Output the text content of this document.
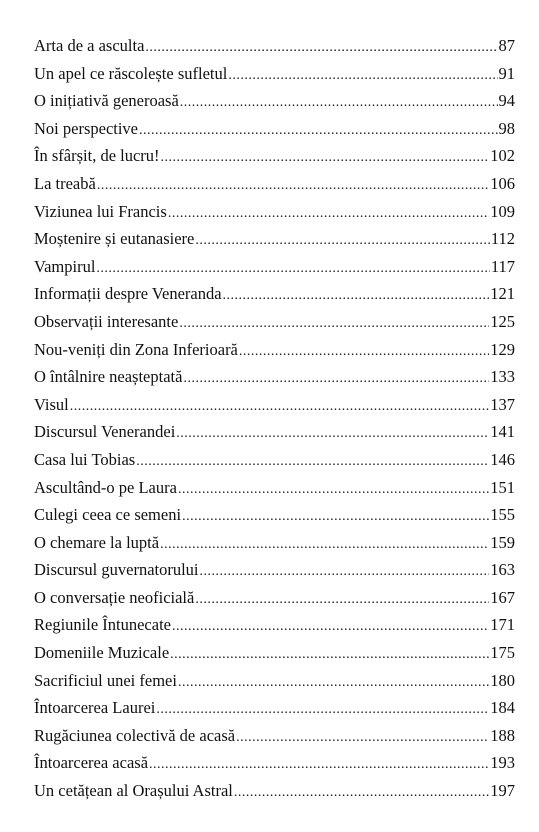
Arta de a asculta .....	87
Un apel ce răscolește sufletul .....	91
O inițiativă generoasă .....	94
Noi perspective .....	98
În sfârșit, de lucru! .....	102
La treabă .....	106
Viziunea lui Francis .....	109
Moștenire și eutanasiere .....	112
Vampirul .....	117
Informații despre Veneranda .....	121
Observații interesante .....	125
Nou-veniți din Zona Inferioară .....	129
O întâlnire neașteptată .....	133
Visul .....	137
Discursul Venerandei .....	141
Casa lui Tobias .....	146
Ascultând-o pe Laura .....	151
Culegi ceea ce semeni .....	155
O chemare la luptă .....	159
Discursul guvernatorului .....	163
O conversație neoficială .....	167
Regiunile Întunecate .....	171
Domeniile Muzicale .....	175
Sacrificiul unei femei .....	180
Întoarcerea Laurei .....	184
Rugăciunea colectivă de acasă .....	188
Întoarcerea acasă .....	193
Un cetățean al Orașului Astral .....	197
